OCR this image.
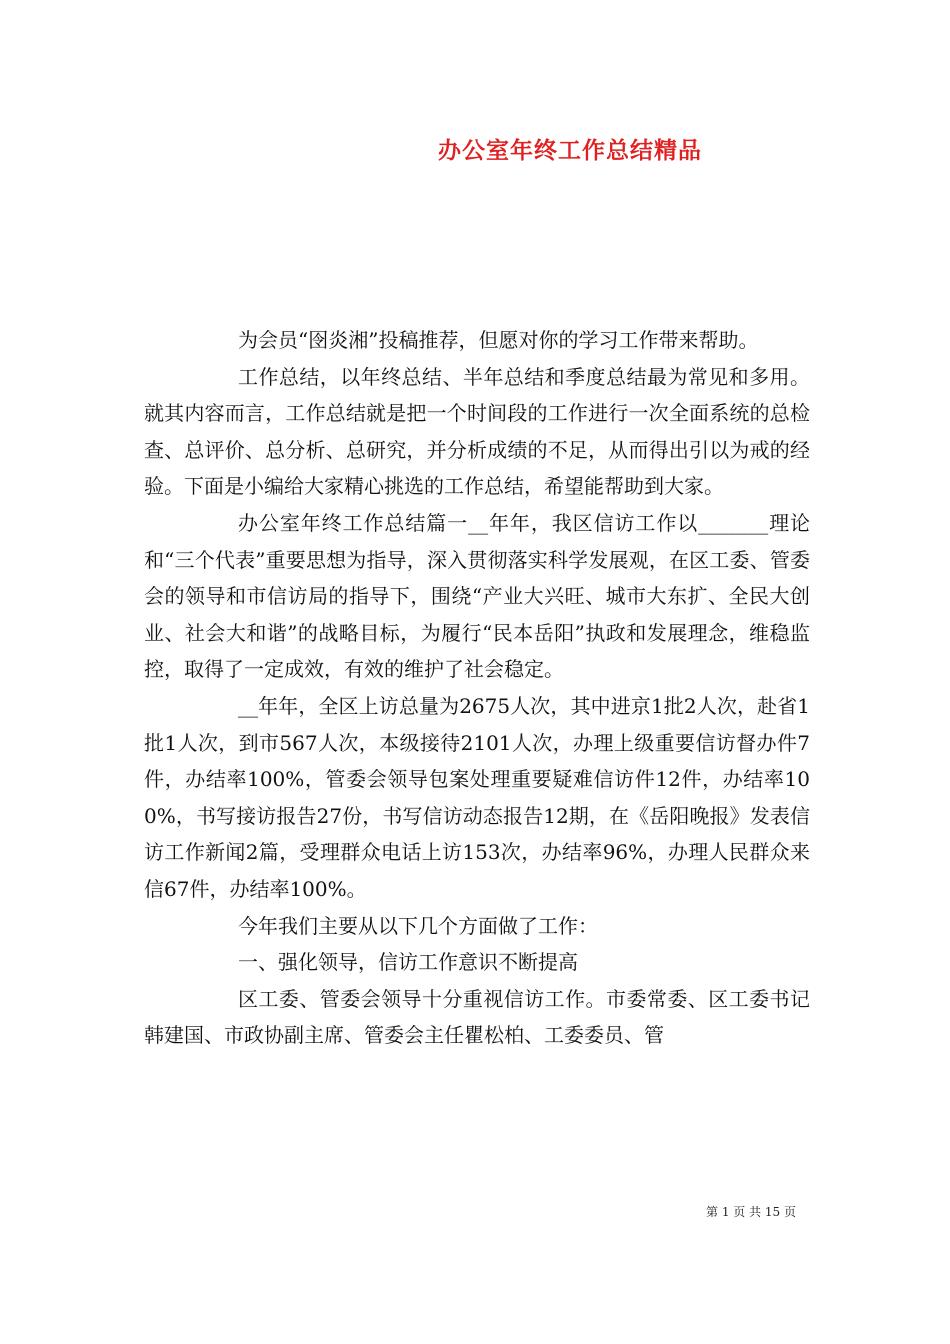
办公室年终工作总结精品

为会员“囹炎湘”投稿推荐，但愿对你的学习工作带来帮助。

工作总结，以年终总结、半年总结和季度总结最为常见和多用。就其内容而言，工作总结就是把一个时间段的工作进行一次全面系统的总检查、总评价、总分析、总研究，并分析成绩的不足，从而得出引以为戒的经验。下面是小编给大家精心挑选的工作总结，希望能帮助到大家。

办公室年终工作总结篇一__年年，我区信访工作以_______理论和“三个代表”重要思想为指导，深入贯彻落实科学发展观，在区工委、管委会的领导和市信访局的指导下，围绕“产业大兴旺、城市大东扩、全民大创业、社会大和谐”的战略目标，为履行“民本岳阳”执政和发展理念，维稳监控，取得了一定成效，有效的维护了社会稳定。

__年年，全区上访总量为2675人次，其中进京1批2人次，赴省1批1人次，到市567人次，本级接待2101人次，办理上级重要信访督办件7件，办结率100%，管委会领导包案处理重要疑难信访件12件，办结率100%，书写接访报告27份，书写信访动态报告12期，在《岳阳晚报》发表信访工作新闻2篇，受理群众电话上访153次，办结率96%，办理人民群众来信67件，办结率100%。

今年我们主要从以下几个方面做了工作：

一、强化领导，信访工作意识不断提高

区工委、管委会领导十分重视信访工作。市委常委、区工委书记韩建国、市政协副主席、管委会主任瞿松柏、工委委员、管

第 1 页 共 15 页
